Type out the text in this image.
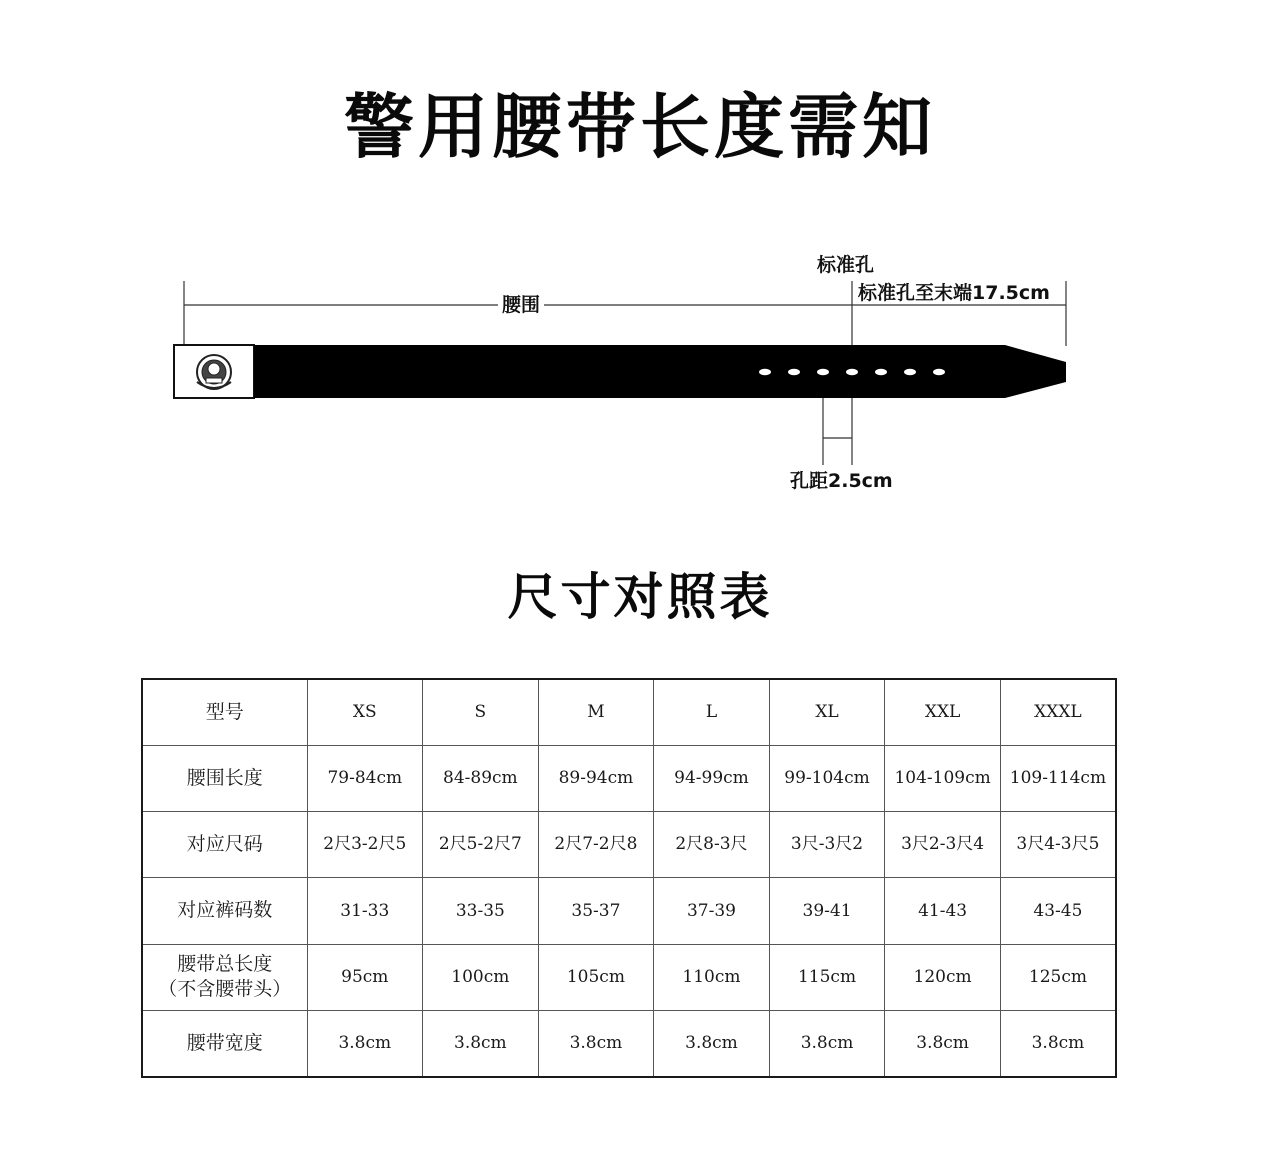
警用腰带长度需知
腰围
标准孔
标准孔至末端17.5cm
孔距2.5cm
尺寸对照表
型号	XS	S	M	L	XL	XXL	XXXL

腰围长度	79-84cm	84-89cm	89-94cm	94-99cm	99-104cm	104-109cm	109-114cm

对应尺码	2尺3-2尺5	2尺5-2尺7	2尺7-2尺8	2尺8-3尺	3尺-3尺2	3尺2-3尺4	3尺4-3尺5

对应裤码数	31-33	33-35	35-37	37-39	39-41	41-43	43-45

腰带总长度
（不含腰带头）	95cm	100cm	105cm	110cm	115cm	120cm	125cm

腰带宽度	3.8cm	3.8cm	3.8cm	3.8cm	3.8cm	3.8cm	3.8cm
